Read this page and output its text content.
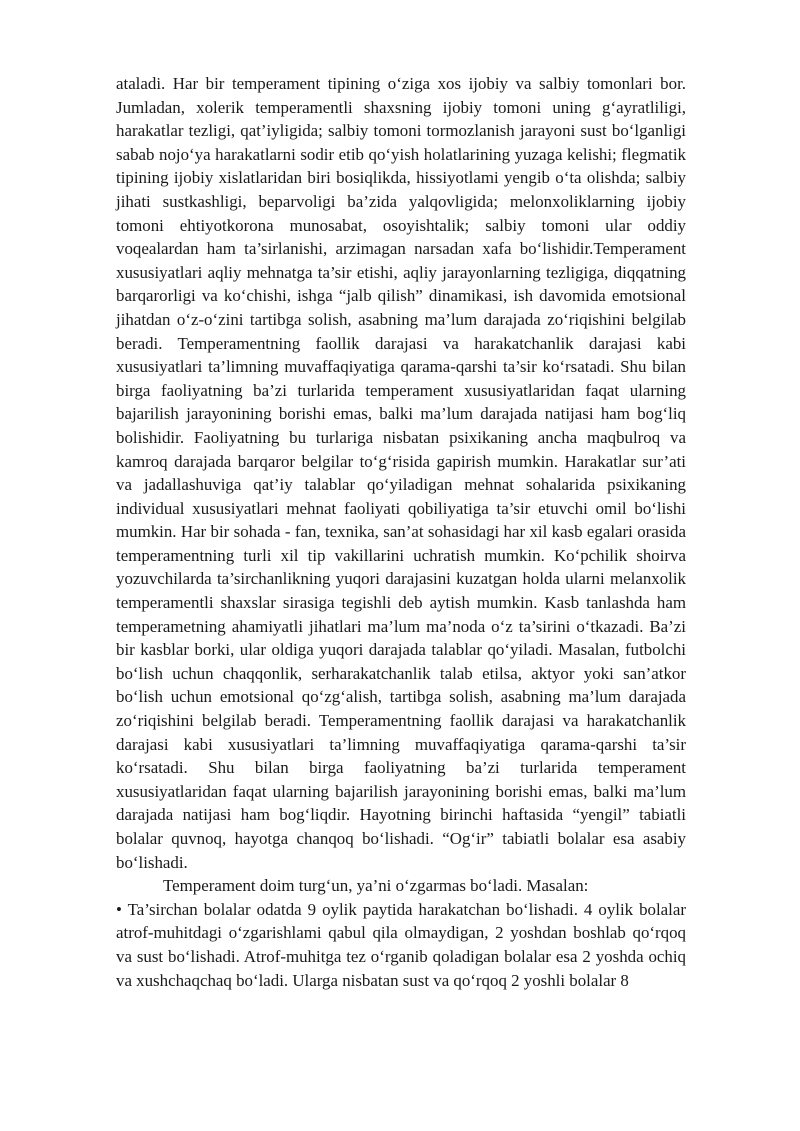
ataladi. Har bir temperament tipining o‘ziga xos ijobiy va salbiy tomonlari bor. Jumladan, xolerik temperamentli shaxsning ijobiy tomoni uning g‘ayratliligi, harakatlar tezligi, qat’iyligida; salbiy tomoni tormozlanish jarayoni sust bo‘lganligi sabab nojo‘ya harakatlarni sodir etib qo‘yish holatlarining yuzaga kelishi; flegmatik tipining ijobiy xislatlaridan biri bosiqlikda, hissiyotlami yengib o‘ta olishda; salbiy jihati sustkashligi, beparvoligi ba’zida yalqovligida; melonxoliklarning ijobiy tomoni ehtiyotkorona munosabat, osoyishtalik; salbiy tomoni ular oddiy voqealardan ham ta’sirlanishi, arzimagan narsadan xafa bo‘lishidir.Temperament xususiyatlari aqliy mehnatga ta’sir etishi, aqliy jarayonlarning tezligiga, diqqatning barqarorligi va ko‘chishi, ishga “jalb qilish” dinamikasi, ish davomida emotsional jihatdan o‘z-o‘zini tartibga solish, asabning ma’lum darajada zo‘riqishini belgilab beradi. Temperamentning faollik darajasi va harakatchanlik darajasi kabi xususiyatlari ta’limning muvaffaqiyatiga qarama-qarshi ta’sir ko‘rsatadi. Shu bilan birga faoliyatning ba’zi turlarida temperament xususiyatlaridan faqat ularning bajarilish jarayonining borishi emas, balki ma’lum darajada natijasi ham bog‘liq bolishidir. Faoliyatning bu turlariga nisbatan psixikaning ancha maqbulroq va kamroq darajada barqaror belgilar to‘g‘risida gapirish mumkin. Harakatlar sur’ati va jadallashuviga qat’iy talablar qo‘yiladigan mehnat sohalarida psixikaning individual xususiyatlari mehnat faoliyati qobiliyatiga ta’sir etuvchi omil bo‘lishi mumkin. Har bir sohada - fan, texnika, san’at sohasidagi har xil kasb egalari orasida temperamentning turli xil tip vakillarini uchratish mumkin. Ko‘pchilik shoirva yozuvchilarda ta’sirchanlikning yuqori darajasini kuzatgan holda ularni melanxolik temperamentli shaxslar sirasiga tegishli deb aytish mumkin. Kasb tanlashda ham temperametning ahamiyatli jihatlari ma’lum ma’noda o‘z ta’sirini o‘tkazadi. Ba’zi bir kasblar borki, ular oldiga yuqori darajada talablar qo‘yiladi. Masalan, futbolchi bo‘lish uchun chaqqonlik, serharakatchanlik talab etilsa, aktyor yoki san’atkor bo‘lish uchun emotsional qo‘zg‘alish, tartibga solish, asabning ma’lum darajada zo‘riqishini belgilab beradi. Temperamentning faollik darajasi va harakatchanlik darajasi kabi xususiyatlari ta’limning muvaffaqiyatiga qarama-qarshi ta’sir ko‘rsatadi. Shu bilan birga faoliyatning ba’zi turlarida temperament xususiyatlaridan faqat ularning bajarilish jarayonining borishi emas, balki ma’lum darajada natijasi ham bog‘liqdir. Hayotning birinchi haftasida “yengil” tabiatli bolalar quvnoq, hayotga chanqoq bo‘lishadi. “Og‘ir” tabiatli bolalar esa asabiy bo‘lishadi.

Temperament doim turg‘un, ya’ni o‘zgarmas bo‘ladi. Masalan:

• Ta’sirchan bolalar odatda 9 oylik paytida harakatchan bo‘lishadi. 4 oylik bolalar atrof-muhitdagi o‘zgarishlami qabul qila olmaydigan, 2 yoshdan boshlab qo‘rqoq va sust bo‘lishadi. Atrof-muhitga tez o‘rganib qoladigan bolalar esa 2 yoshda ochiq va xushchaqchaq bo‘ladi. Ularga nisbatan sust va qo‘rqoq 2 yoshli bolalar 8
